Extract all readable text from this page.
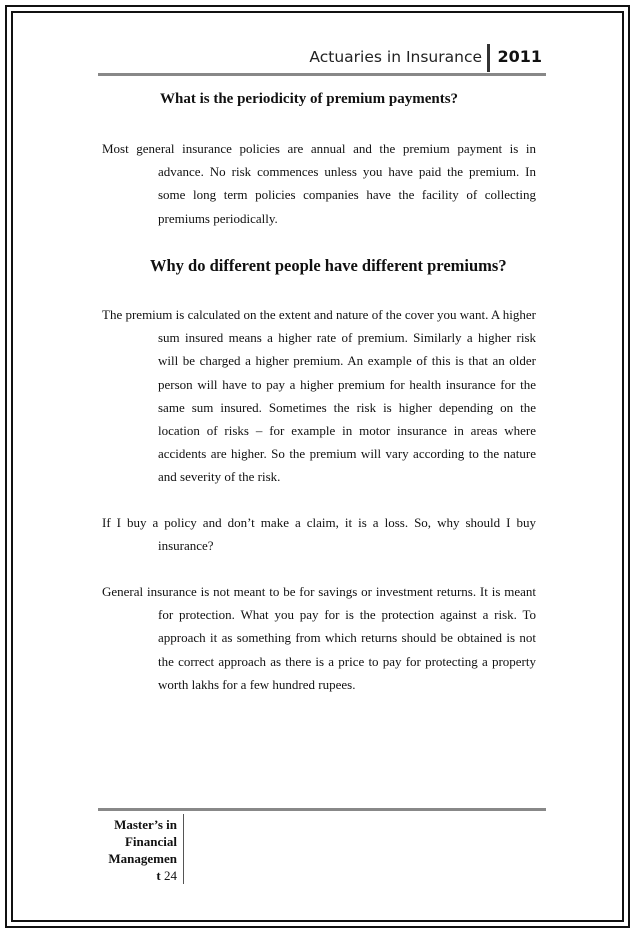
Actuaries in Insurance 2011
What is the periodicity of premium payments?

Most general insurance policies are annual and the premium payment is in advance. No risk commences unless you have paid the premium. In some long term policies companies have the facility of collecting premiums periodically.

Why do different people have different premiums?

The premium is calculated on the extent and nature of the cover you want. A higher sum insured means a higher rate of premium. Similarly a higher risk will be charged a higher premium. An example of this is that an older person will have to pay a higher premium for health insurance for the same sum insured. Sometimes the risk is higher depending on the location of risks – for example in motor insurance in areas where accidents are higher. So the premium will vary according to the nature and severity of the risk.

If I buy a policy and don’t make a claim, it is a loss. So, why should I buy insurance?

General insurance is not meant to be for savings or investment returns. It is meant for protection. What you pay for is the protection against a risk. To approach it as something from which returns should be obtained is not the correct approach as there is a price to pay for protecting a property worth lakhs for a few hundred rupees.

Master’s in
Financial
Managemen
t 24
